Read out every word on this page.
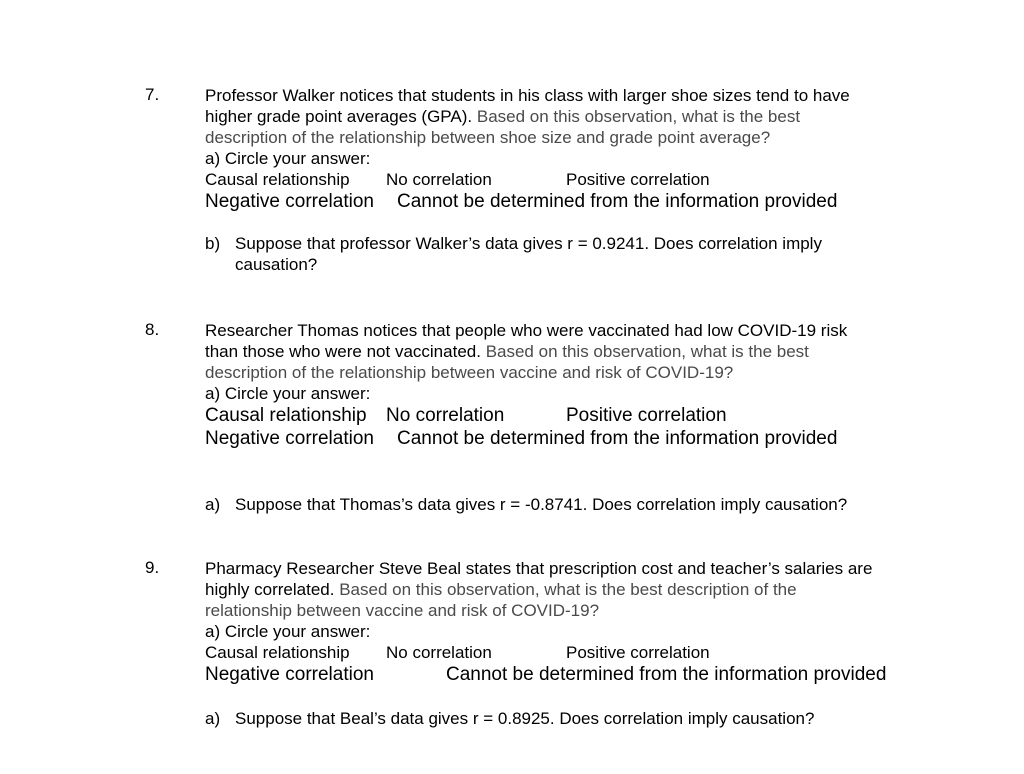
7.	Professor Walker notices that students in his class with larger shoe sizes tend to have
higher grade point averages (GPA). Based on this observation, what is the best
description of the relationship between shoe size and grade point average?
a) Circle your answer:
Causal relationship No correlation	Positive correlation
Negative correlation Cannot be determined from the information provided
b) Suppose that professor Walker’s data gives r = 0.9241. Does correlation imply
causation?
8.	Researcher Thomas notices that people who were vaccinated had low COVID-19 risk
than those who were not vaccinated. Based on this observation, what is the best
description of the relationship between vaccine and risk of COVID-19?
a) Circle your answer:
Causal relationship No correlation	Positive correlation
Negative correlation Cannot be determined from the information provided
a) Suppose that Thomas’s data gives r = -0.8741. Does correlation imply causation?
9.	Pharmacy Researcher Steve Beal states that prescription cost and teacher’s salaries are
highly correlated. Based on this observation, what is the best description of the
relationship between vaccine and risk of COVID-19?
a) Circle your answer:
Causal relationship No correlation	Positive correlation
Negative correlation	Cannot be determined from the information provided
a) Suppose that Beal’s data gives r = 0.8925. Does correlation imply causation?
